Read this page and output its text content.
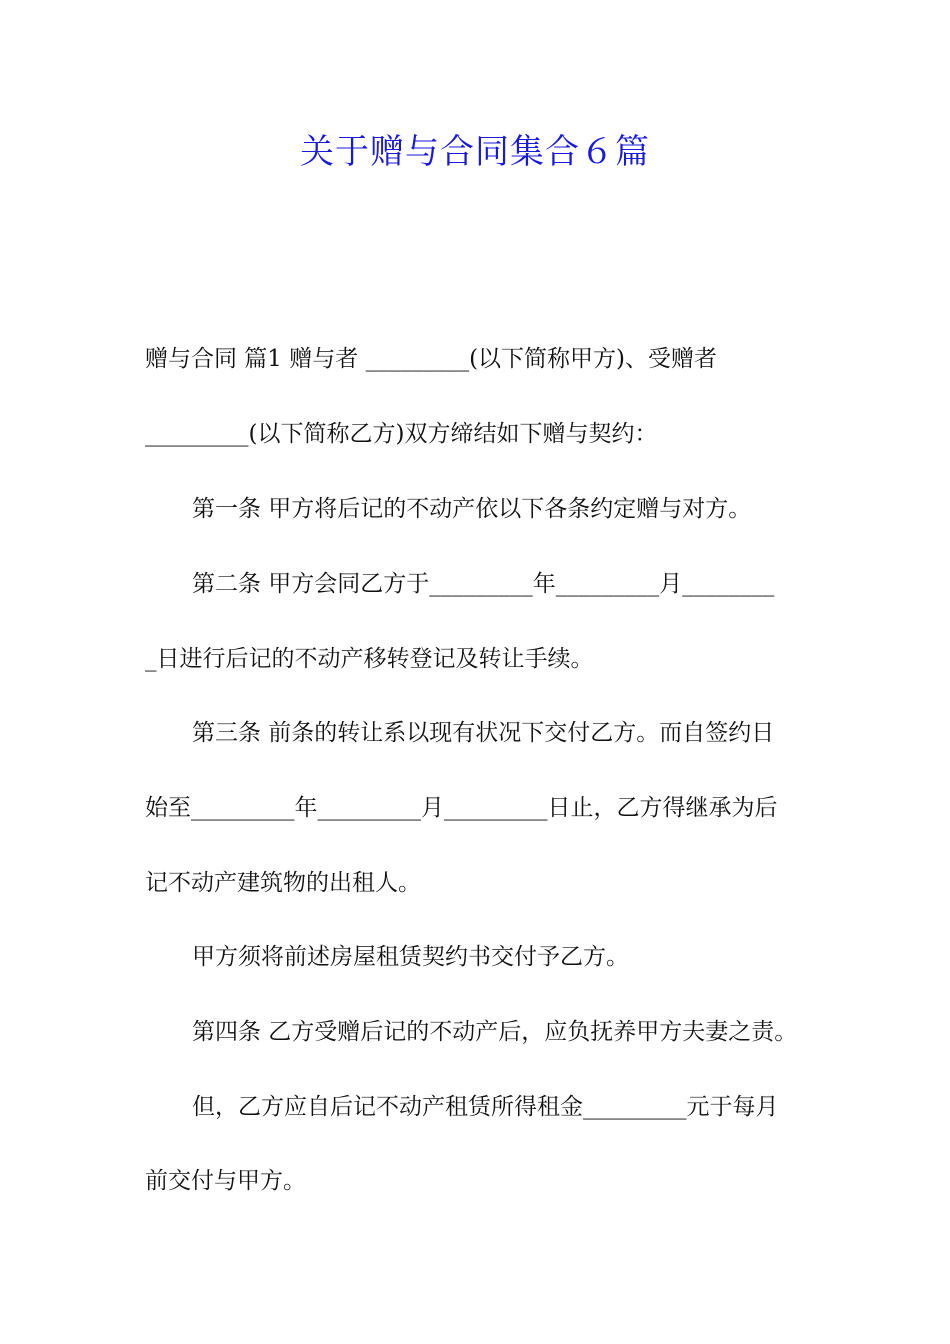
关于赠与合同集合６篇
赠与合同 篇1 赠与者 _________(以下简称甲方)、受赠者
_________(以下简称乙方)双方缔结如下赠与契约：
第一条 甲方将后记的不动产依以下各条约定赠与对方。
第二条 甲方会同乙方于_________年_________月________
_日进行后记的不动产移转登记及转让手续。
第三条 前条的转让系以现有状况下交付乙方。而自签约日
始至_________年_________月_________日止，乙方得继承为后
记不动产建筑物的出租人。
甲方须将前述房屋租赁契约书交付予乙方。
第四条 乙方受赠后记的不动产后，应负抚养甲方夫妻之责。
但，乙方应自后记不动产租赁所得租金_________元于每月
前交付与甲方。
